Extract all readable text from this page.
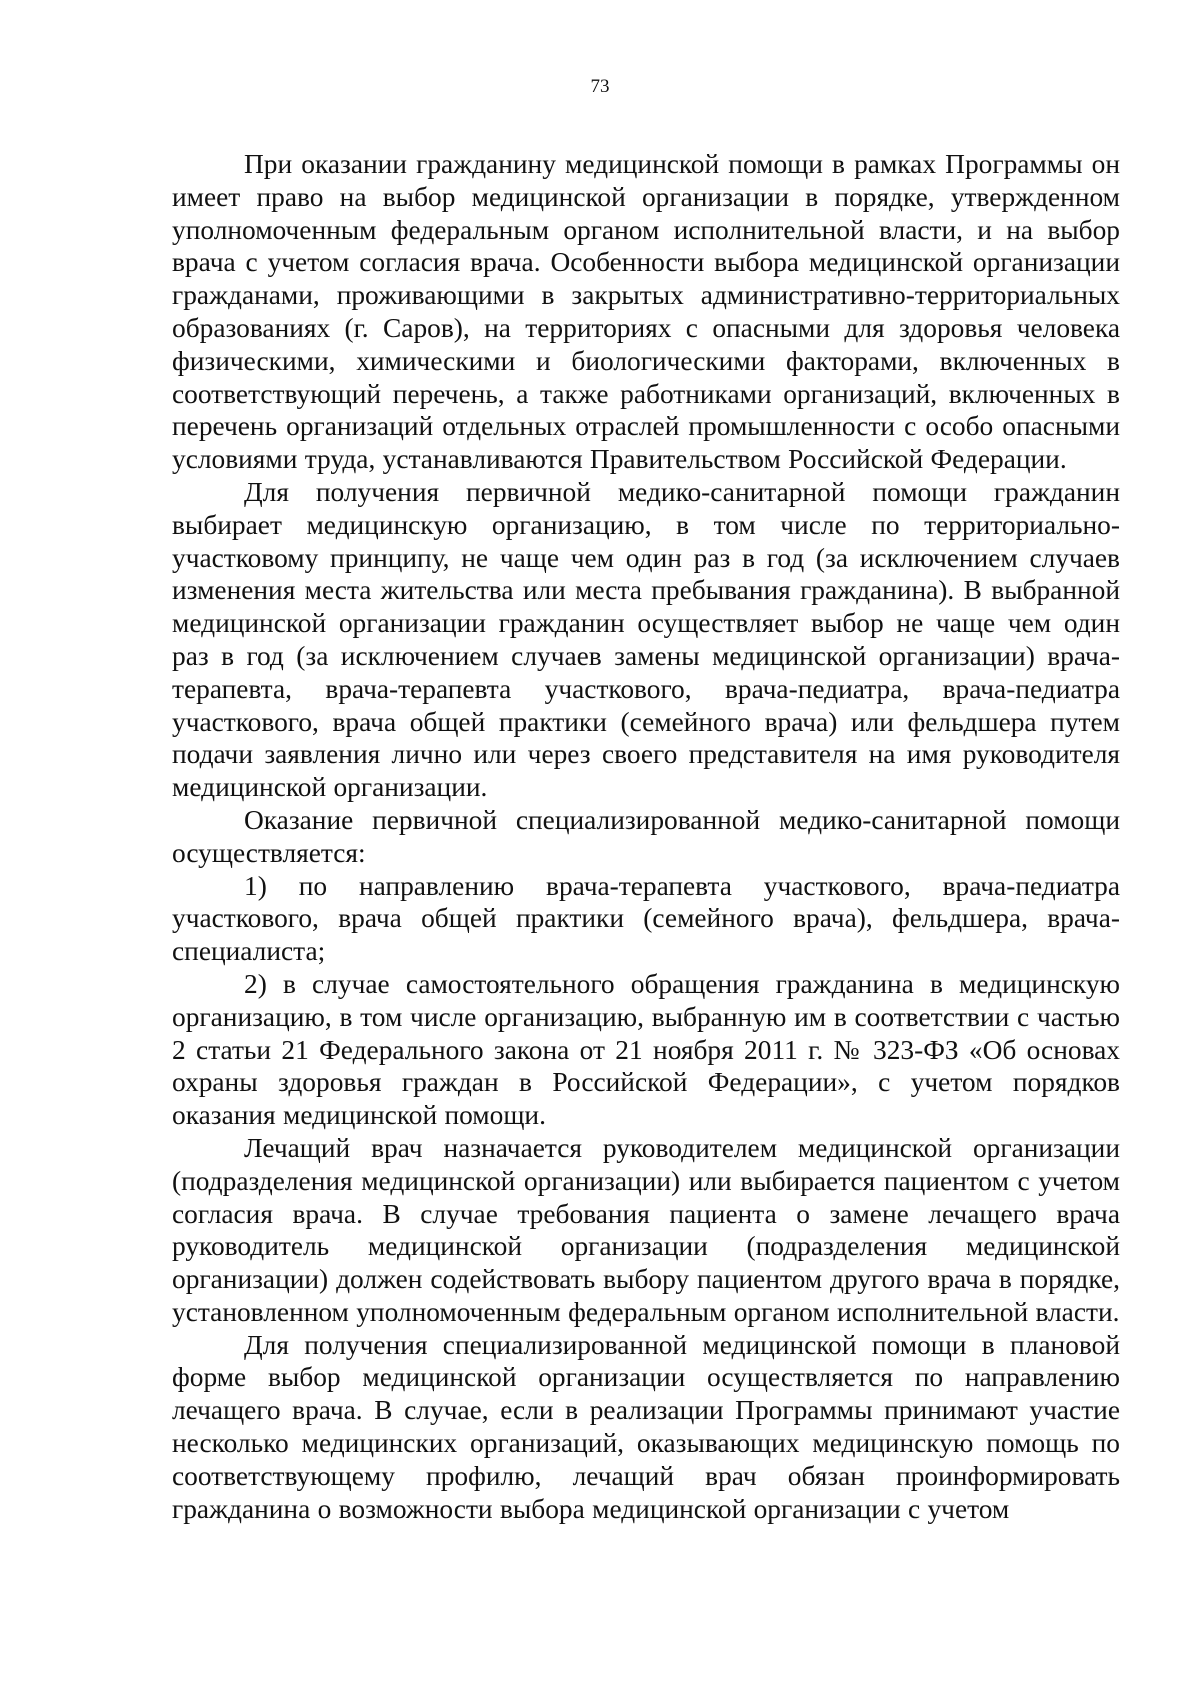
73

При оказании гражданину медицинской помощи в рамках Программы он имеет право на выбор медицинской организации в порядке, утвержденном уполномоченным федеральным органом исполнительной власти, и на выбор врача с учетом согласия врача. Особенности выбора медицинской организации гражданами, проживающими в закрытых административно-территориальных образованиях (г. Саров), на территориях с опасными для здоровья человека физическими, химическими и биологическими факторами, включенных в соответствующий перечень, а также работниками организаций, включенных в перечень организаций отдельных отраслей промышленности с особо опасными условиями труда, устанавливаются Правительством Российской Федерации.

Для получения первичной медико-санитарной помощи гражданин выбирает медицинскую организацию, в том числе по территориально-участковому принципу, не чаще чем один раз в год (за исключением случаев изменения места жительства или места пребывания гражданина). В выбранной медицинской организации гражданин осуществляет выбор не чаще чем один раз в год (за исключением случаев замены медицинской организации) врача-терапевта, врача-терапевта участкового, врача-педиатра, врача-педиатра участкового, врача общей практики (семейного врача) или фельдшера путем подачи заявления лично или через своего представителя на имя руководителя медицинской организации.

Оказание первичной специализированной медико-санитарной помощи осуществляется:

1) по направлению врача-терапевта участкового, врача-педиатра участкового, врача общей практики (семейного врача), фельдшера, врача-специалиста;

2) в случае самостоятельного обращения гражданина в медицинскую организацию, в том числе организацию, выбранную им в соответствии с частью 2 статьи 21 Федерального закона от 21 ноября 2011 г. № 323-ФЗ «Об основах охраны здоровья граждан в Российской Федерации», с учетом порядков оказания медицинской помощи.

Лечащий врач назначается руководителем медицинской организации (подразделения медицинской организации) или выбирается пациентом с учетом согласия врача. В случае требования пациента о замене лечащего врача руководитель медицинской организации (подразделения медицинской организации) должен содействовать выбору пациентом другого врача в порядке, установленном уполномоченным федеральным органом исполнительной власти.

Для получения специализированной медицинской помощи в плановой форме выбор медицинской организации осуществляется по направлению лечащего врача. В случае, если в реализации Программы принимают участие несколько медицинских организаций, оказывающих медицинскую помощь по соответствующему профилю, лечащий врач обязан проинформировать гражданина о возможности выбора медицинской организации с учетом
